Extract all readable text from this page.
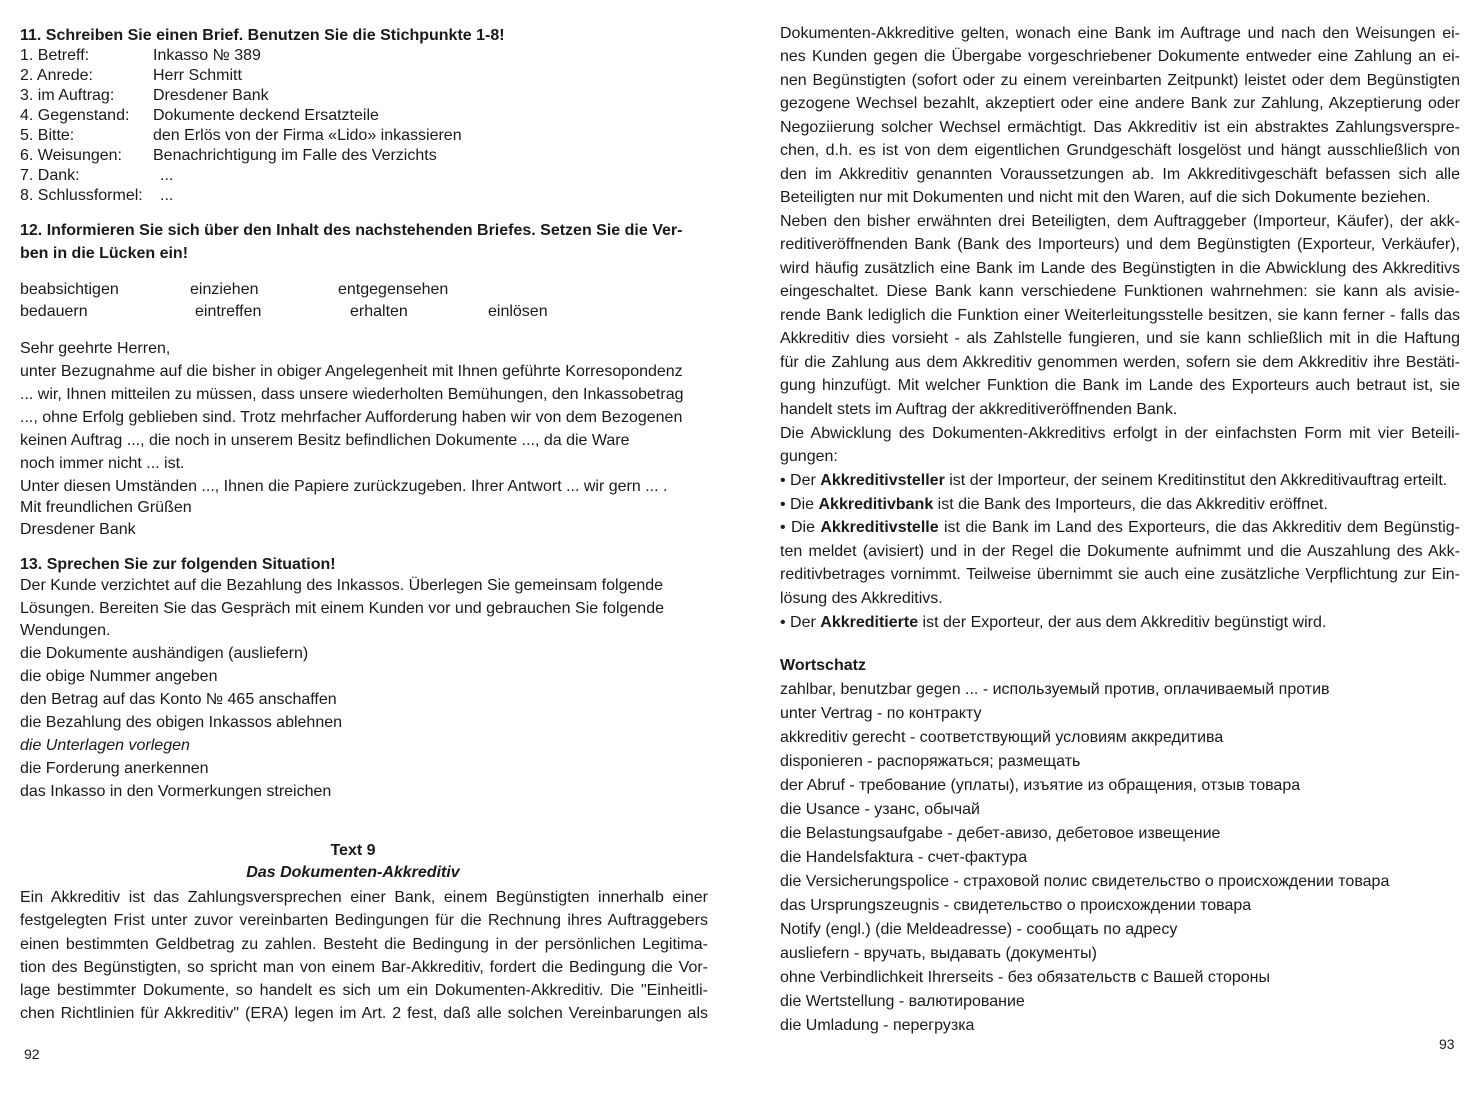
11. Schreiben Sie einen Brief. Benutzen Sie die Stichpunkte 1-8!
1. Betreff:	Inkasso № 389
2. Anrede:	Herr Schmitt
3. im Auftrag: Dresdener Bank
4. Gegenstand: Dokumente deckend Ersatzteile
5. Bitte:	den Erlös von der Firma «Lido» inkassieren
6. Weisungen: Benachrichtigung im Falle des Verzichts
7. Dank:	...
8. Schlussformel: ...
12. Informieren Sie sich über den Inhalt des nachstehenden Briefes. Setzen Sie die Ver-
ben in die Lücken ein!
beabsichtigen	einziehen	entgegensehen
bedauern	eintreffen	erhalten	einlösen
Sehr geehrte Herren,
unter Bezugnahme auf die bisher in obiger Angelegenheit mit Ihnen geführte Korresopondenz
... wir, Ihnen mitteilen zu müssen, dass unsere wiederholten Bemühungen, den Inkassobetrag
..., ohne Erfolg geblieben sind. Trotz mehrfacher Aufforderung haben wir von dem Bezogenen
keinen Auftrag ..., die noch in unserem Besitz befindlichen Dokumente ..., da die Ware
noch immer nicht ... ist.
Unter diesen Umständen ..., Ihnen die Papiere zurückzugeben. Ihrer Antwort ... wir gern ... .
Mit freundlichen Grüßen
Dresdener Bank
13. Sprechen Sie zur folgenden Situation!
Der Kunde verzichtet auf die Bezahlung des Inkassos. Überlegen Sie gemeinsam folgende
Lösungen. Bereiten Sie das Gespräch mit einem Kunden vor und gebrauchen Sie folgende
Wendungen.
die Dokumente aushändigen (ausliefern)
die obige Nummer angeben
den Betrag auf das Konto № 465 anschaffen
die Bezahlung des obigen Inkassos ablehnen
die Unterlagen vorlegen
die Forderung anerkennen
das Inkasso in den Vormerkungen streichen
Text 9
Das Dokumenten-Akkreditiv
Ein Akkreditiv ist das Zahlungsversprechen einer Bank, einem Begünstigten innerhalb einer
festgelegten Frist unter zuvor vereinbarten Bedingungen für die Rechnung ihres Auftraggebers
einen bestimmten Geldbetrag zu zahlen. Besteht die Bedingung in der persönlichen Legitima-
tion des Begünstigten, so spricht man von einem Bar-Akkreditiv, fordert die Bedingung die Vor-
lage bestimmter Dokumente, so handelt es sich um ein Dokumenten-Akkreditiv. Die "Einheitli-
chen Richtlinien für Akkreditiv" (ERA) legen im Art. 2 fest, daß alle solchen Vereinbarungen als
92
Dokumenten-Akkreditive gelten, wonach eine Bank im Auftrage und nach den Weisungen ei-
nes Kunden gegen die Übergabe vorgeschriebener Dokumente entweder eine Zahlung an ei-
nen Begünstigten (sofort oder zu einem vereinbarten Zeitpunkt) leistet oder dem Begünstigten
gezogene Wechsel bezahlt, akzeptiert oder eine andere Bank zur Zahlung, Akzeptierung oder
Negoziierung solcher Wechsel ermächtigt. Das Akkreditiv ist ein abstraktes Zahlungsverspre-
chen, d.h. es ist von dem eigentlichen Grundgeschäft losgelöst und hängt ausschließlich von
den im Akkreditiv genannten Voraussetzungen ab. Im Akkreditivgeschäft befassen sich alle
Beteiligten nur mit Dokumenten und nicht mit den Waren, auf die sich Dokumente beziehen.
Neben den bisher erwähnten drei Beteiligten, dem Auftraggeber (Importeur, Käufer), der akk-
reditiveröffnenden Bank (Bank des Importeurs) und dem Begünstigten (Exporteur, Verkäufer),
wird häufig zusätzlich eine Bank im Lande des Begünstigten in die Abwicklung des Akkreditivs
eingeschaltet. Diese Bank kann verschiedene Funktionen wahrnehmen: sie kann als avisie-
rende Bank lediglich die Funktion einer Weiterleitungsstelle besitzen, sie kann ferner - falls das
Akkreditiv dies vorsieht - als Zahlstelle fungieren, und sie kann schließlich mit in die Haftung
für die Zahlung aus dem Akkreditiv genommen werden, sofern sie dem Akkreditiv ihre Bestäti-
gung hinzufügt. Mit welcher Funktion die Bank im Lande des Exporteurs auch betraut ist, sie
handelt stets im Auftrag der akkreditiveröffnenden Bank.
Die Abwicklung des Dokumenten-Akkreditivs erfolgt in der einfachsten Form mit vier Beteili-
gungen:
• Der Akkreditivsteller ist der Importeur, der seinem Kreditinstitut den Akkreditivauftrag erteilt.
• Die Akkreditivbank ist die Bank des Importeurs, die das Akkreditiv eröffnet.
• Die Akkreditivstelle ist die Bank im Land des Exporteurs, die das Akkreditiv dem Begünstig-
ten meldet (avisiert) und in der Regel die Dokumente aufnimmt und die Auszahlung des Akk-
reditivbetrages vornimmt. Teilweise übernimmt sie auch eine zusätzliche Verpflichtung zur Ein-
lösung des Akkreditivs.
• Der Akkreditierte ist der Exporteur, der aus dem Akkreditiv begünstigt wird.
Wortschatz
zahlbar, benutzbar gegen ... - используемый против, оплачиваемый против
unter Vertrag - по контракту
akkreditiv gerecht - соответствующий условиям аккредитива
disponieren - распоряжаться; размещать
der Abruf - требование (уплаты), изъятие из обращения, отзыв товара
die Usance - узанс, обычай
die Belastungsaufgabe - дебет-авизо, дебетовое извещение
die Handelsfaktura - счет-фактура
die Versicherungspolice - страховой полис свидетельство о происхождении товара
das Ursprungszeugnis - свидетельство о происхождении товара
Notify (engl.) (die Meldeadresse) - сообщать по адресу
ausliefern - вручать, выдавать (документы)
ohne Verbindlichkeit Ihrerseits - без обязательств с Вашей стороны
die Wertstellung - валютирование
die Umladung - перегрузка
93
